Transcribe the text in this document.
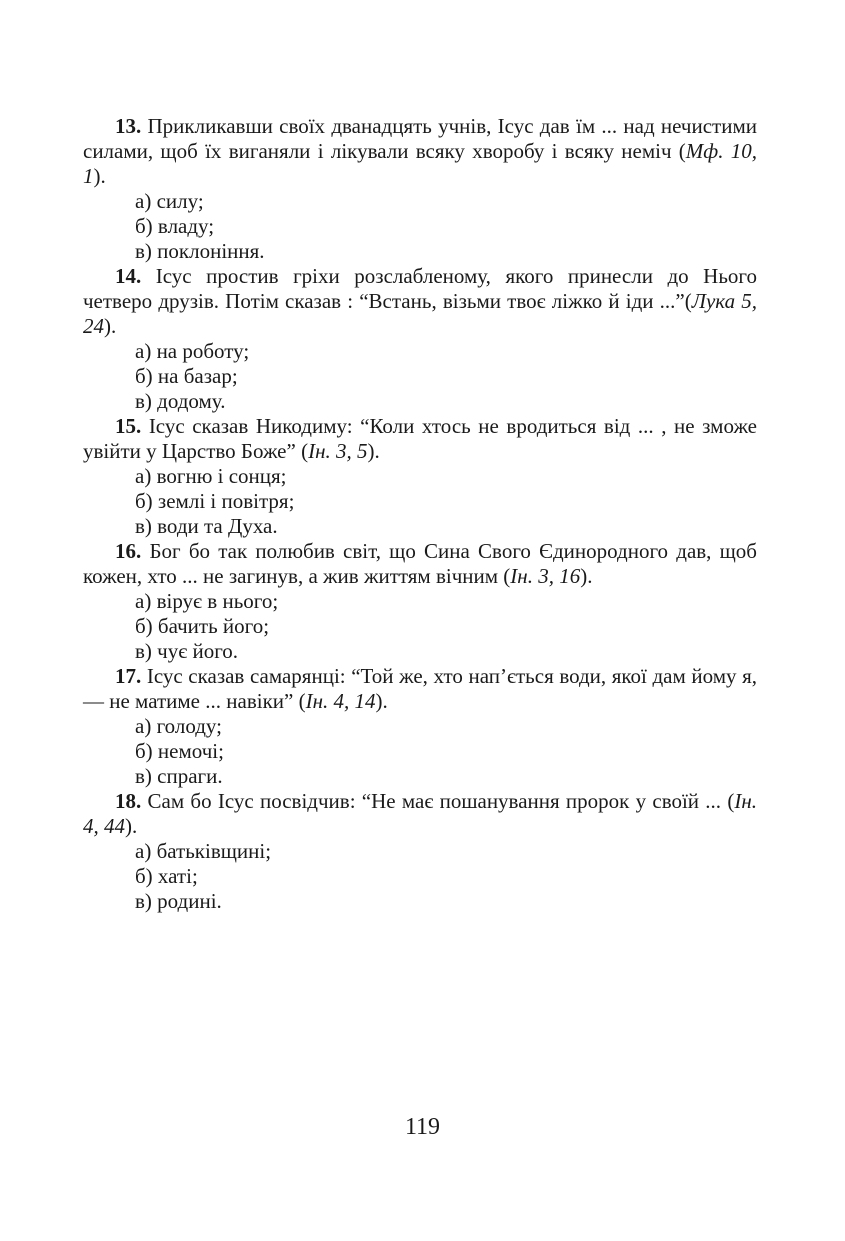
13. Прикликавши своїх дванадцять учнів, Ісус дав їм ... над нечистими силами, щоб їх виганяли і лікували всяку хворобу і всяку неміч (Мф. 10, 1).

а) силу;
б) владу;
в) поклоніння.

14. Ісус простив гріхи розслабленому, якого принесли до Нього четверо друзів. Потім сказав : “Встань, візьми твоє ліжко й іди ...”(Лука 5, 24).

а) на роботу;
б) на базар;
в) додому.

15. Ісус сказав Никодиму: “Коли хтось не вродиться від ... , не зможе увійти у Царство Боже” (Ін. 3, 5).

а) вогню і сонця;
б) землі і повітря;
в) води та Духа.

16. Бог бо так полюбив світ, що Сина Свого Єдинородного дав, щоб кожен, хто ... не загинув, а жив життям вічним (Ін. 3, 16).

а) вірує в нього;
б) бачить його;
в) чує його.

17. Ісус сказав самарянці: “Той же, хто нап’ється води, якої дам йому я, — не матиме ... навіки” (Ін. 4, 14).

а) голоду;
б) немочі;
в) спраги.

18. Сам бо Ісус посвідчив: “Не має пошанування пророк у своїй ... (Ін. 4, 44).

а) батьківщині;
б) хаті;
в) родині.
119
